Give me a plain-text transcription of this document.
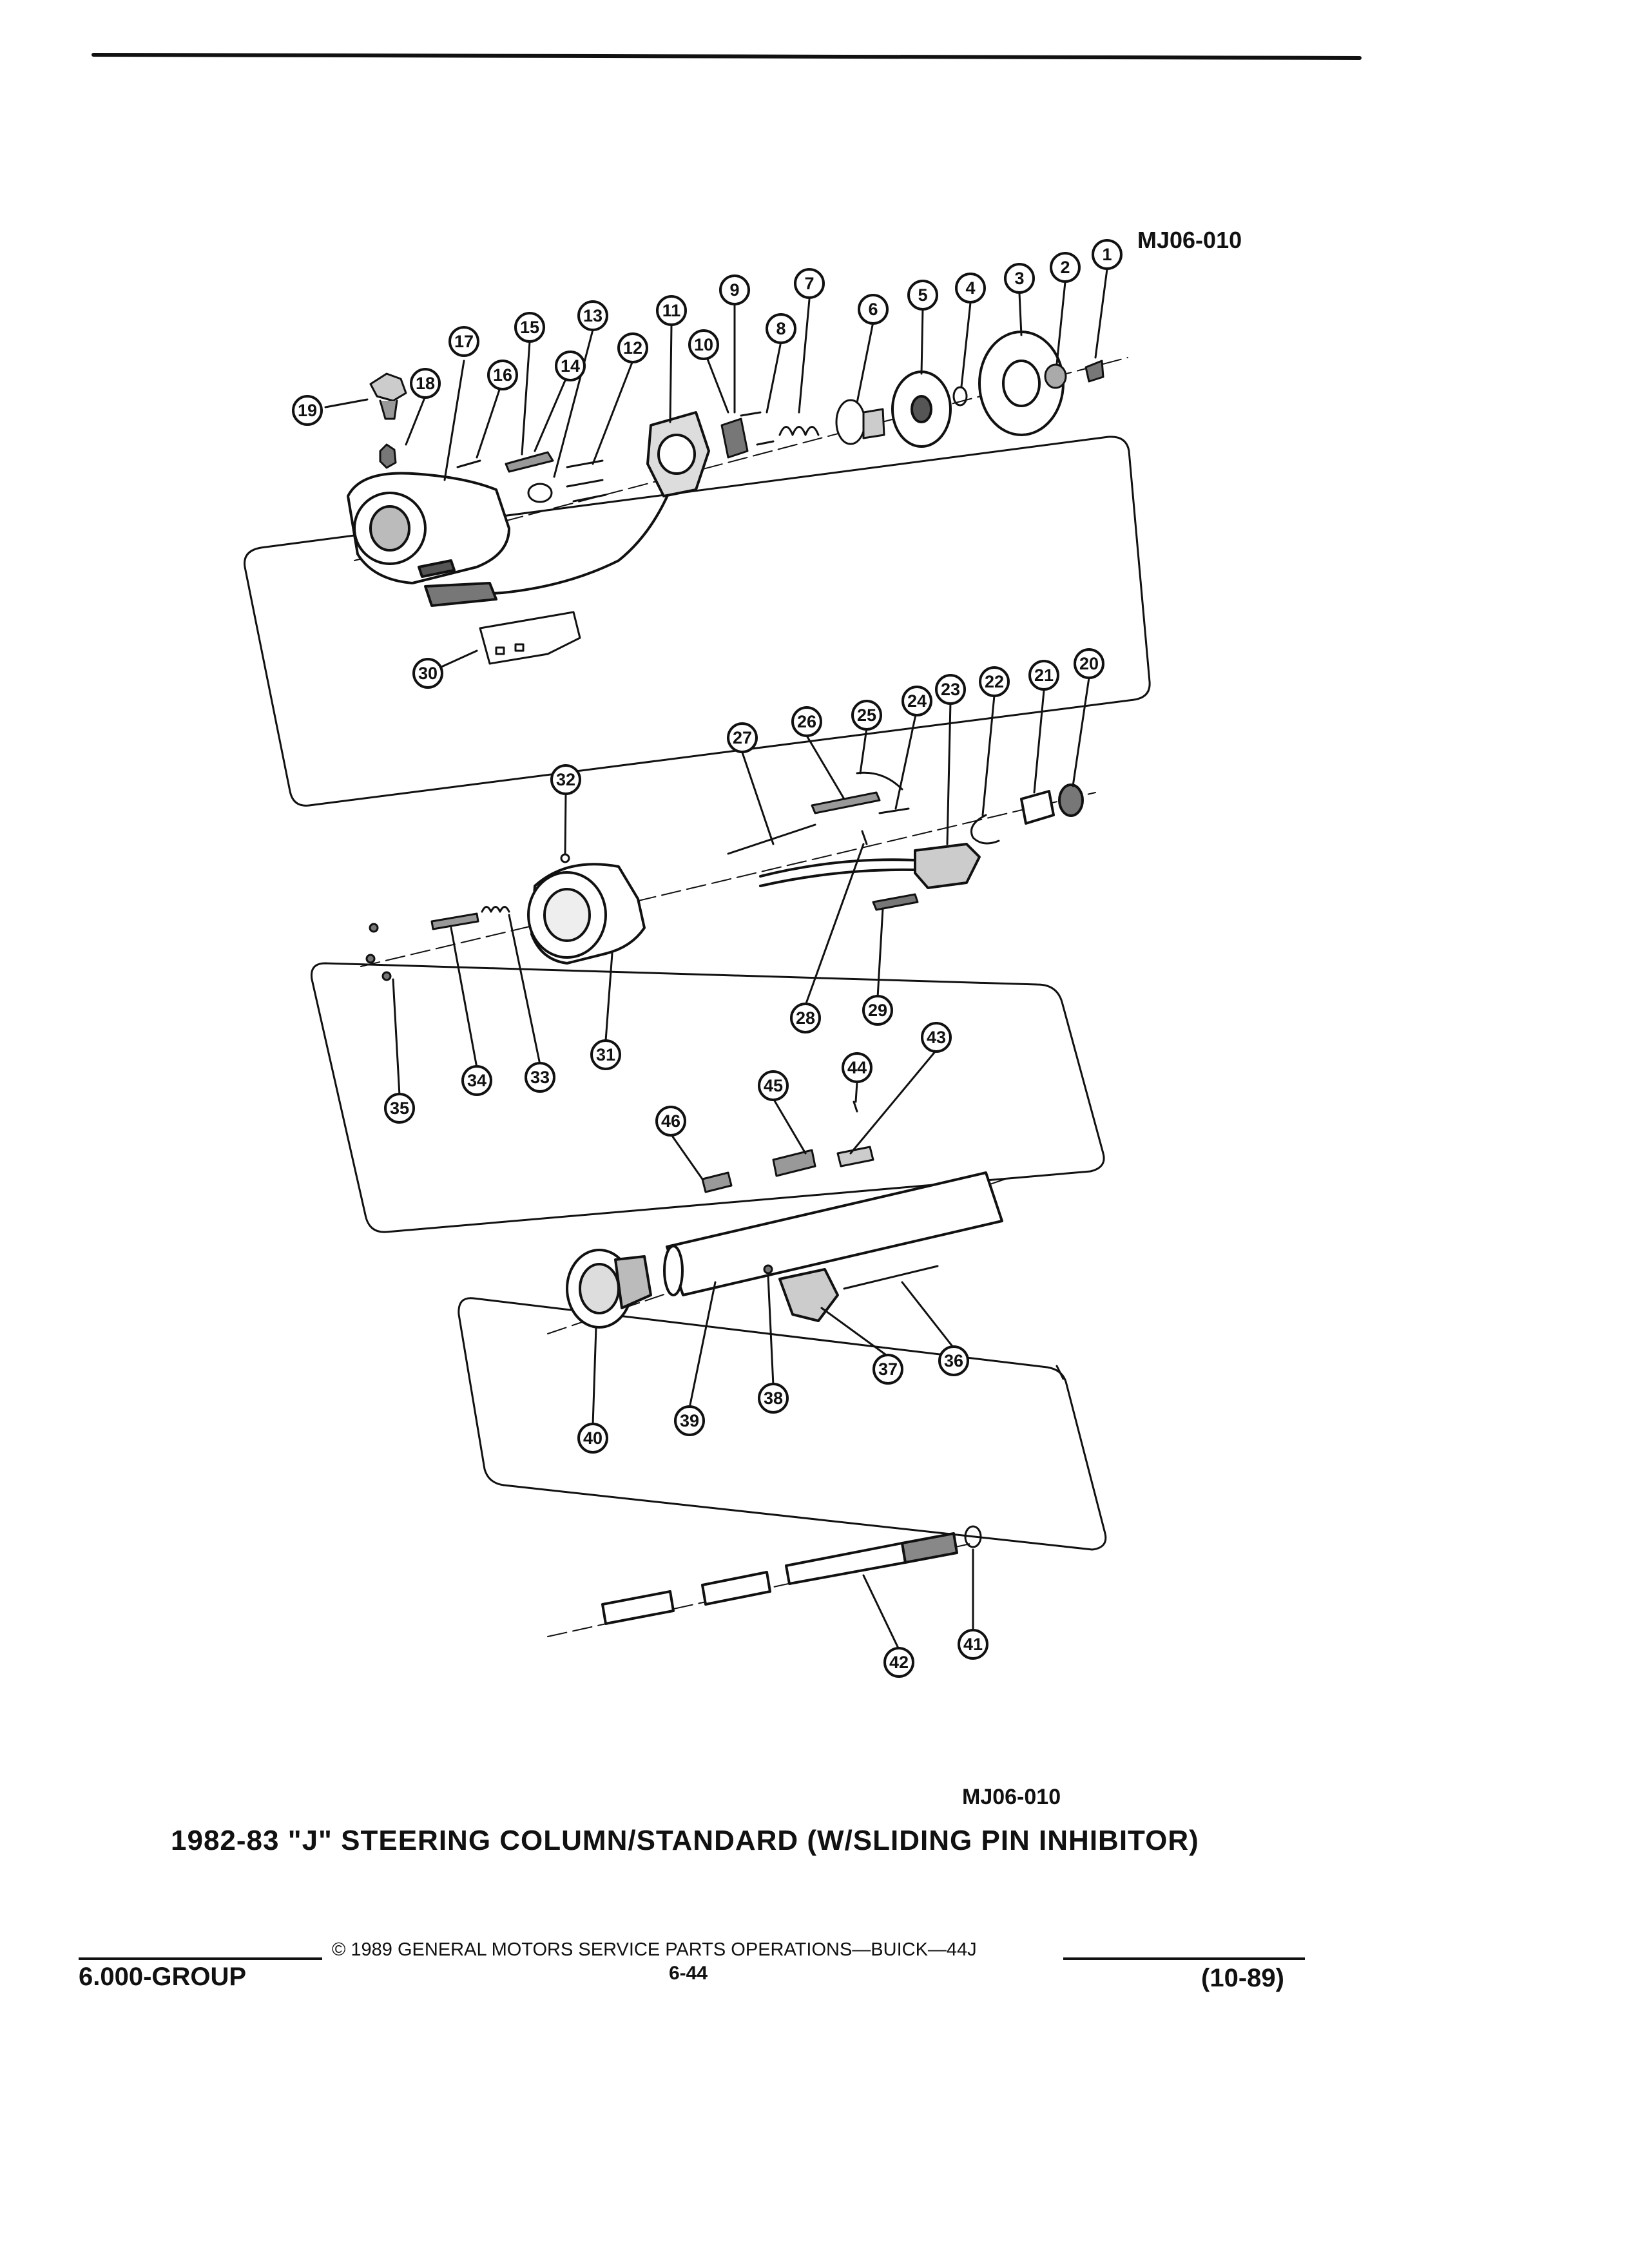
1
2
3
4
5
6
7
8
9
10
11
12
13
14
15
16
17
18
19
20
21
22
23
24
25
26
27
28	29
30
31
32
33
34
35
36
37
38
39
40
41
42
43
44
45
46
MJ06-010
MJ06-010
1982-83 "J" STEERING COLUMN/STANDARD (W/SLIDING PIN INHIBITOR)
© 1989 GENERAL MOTORS SERVICE PARTS OPERATIONS—BUICK—44J
6-44
6.000-GROUP	(10-89)
